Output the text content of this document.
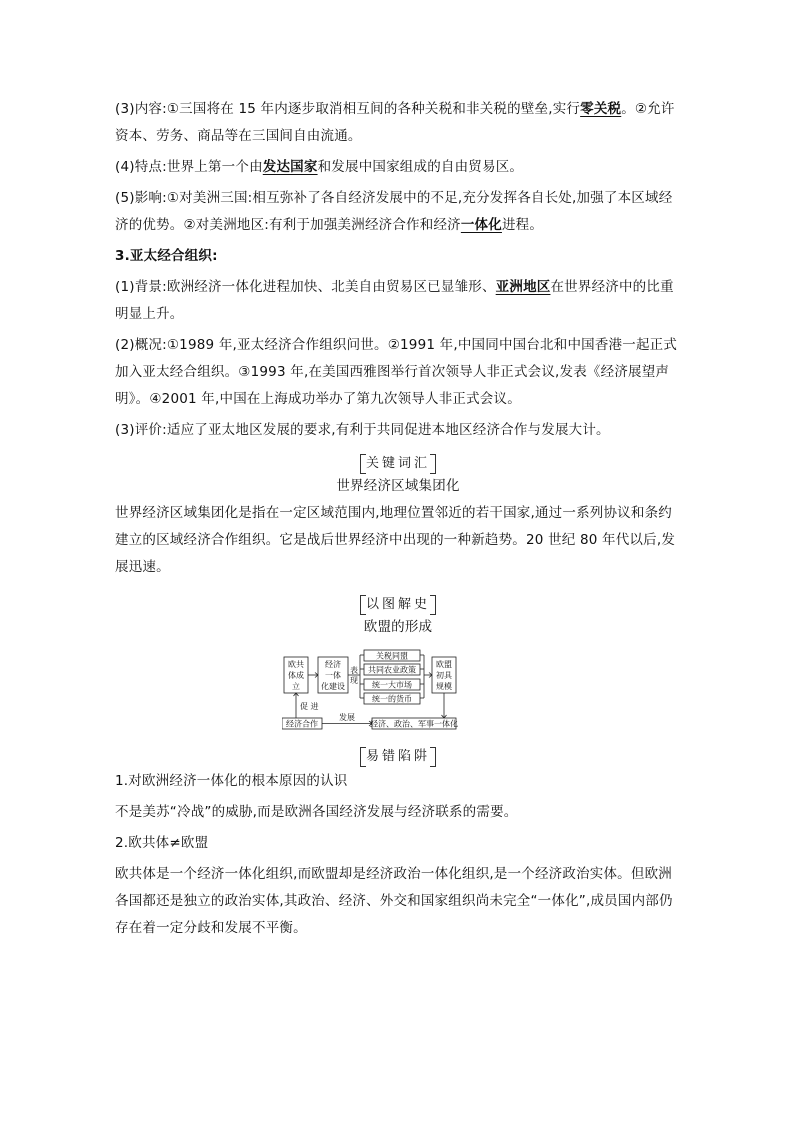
(3)内容:①三国将在 15 年内逐步取消相互间的各种关税和非关税的壁垒,实行零关税。②允许资本、劳务、商品等在三国间自由流通。

(4)特点:世界上第一个由发达国家和发展中国家组成的自由贸易区。

(5)影响:①对美洲三国:相互弥补了各自经济发展中的不足,充分发挥各自长处,加强了本区域经济的优势。②对美洲地区:有利于加强美洲经济合作和经济一体化进程。

3.亚太经合组织:

(1)背景:欧洲经济一体化进程加快、北美自由贸易区已显雏形、亚洲地区在世界经济中的比重明显上升。

(2)概况:①1989 年,亚太经济合作组织问世。②1991 年,中国同中国台北和中国香港一起正式加入亚太经合组织。③1993 年,在美国西雅图举行首次领导人非正式会议,发表《经济展望声明》。④2001 年,中国在上海成功举办了第九次领导人非正式会议。

(3)评价:适应了亚太地区发展的要求,有利于共同促进本地区经济合作与发展大计。

关键词汇

世界经济区域集团化

世界经济区域集团化是指在一定区域范围内,地理位置邻近的若干国家,通过一系列协议和条约建立的区域经济合作组织。它是战后世界经济中出现的一种新趋势。20 世纪 80 年代以后,发展迅速。

以图解史

欧盟的形成

欧共
体成
立
经济
一体
化建设
表
现
关税同盟
共同农业政策
统一大市场
统一的货币
欧盟
初具
规模
促 进
经济合作
发展
经济、政治、军事一体化
易错陷阱

1.对欧洲经济一体化的根本原因的认识

不是美苏“冷战”的威胁,而是欧洲各国经济发展与经济联系的需要。

2.欧共体≠欧盟

欧共体是一个经济一体化组织,而欧盟却是经济政治一体化组织,是一个经济政治实体。但欧洲各国都还是独立的政治实体,其政治、经济、外交和国家组织尚未完全“一体化”,成员国内部仍存在着一定分歧和发展不平衡。
